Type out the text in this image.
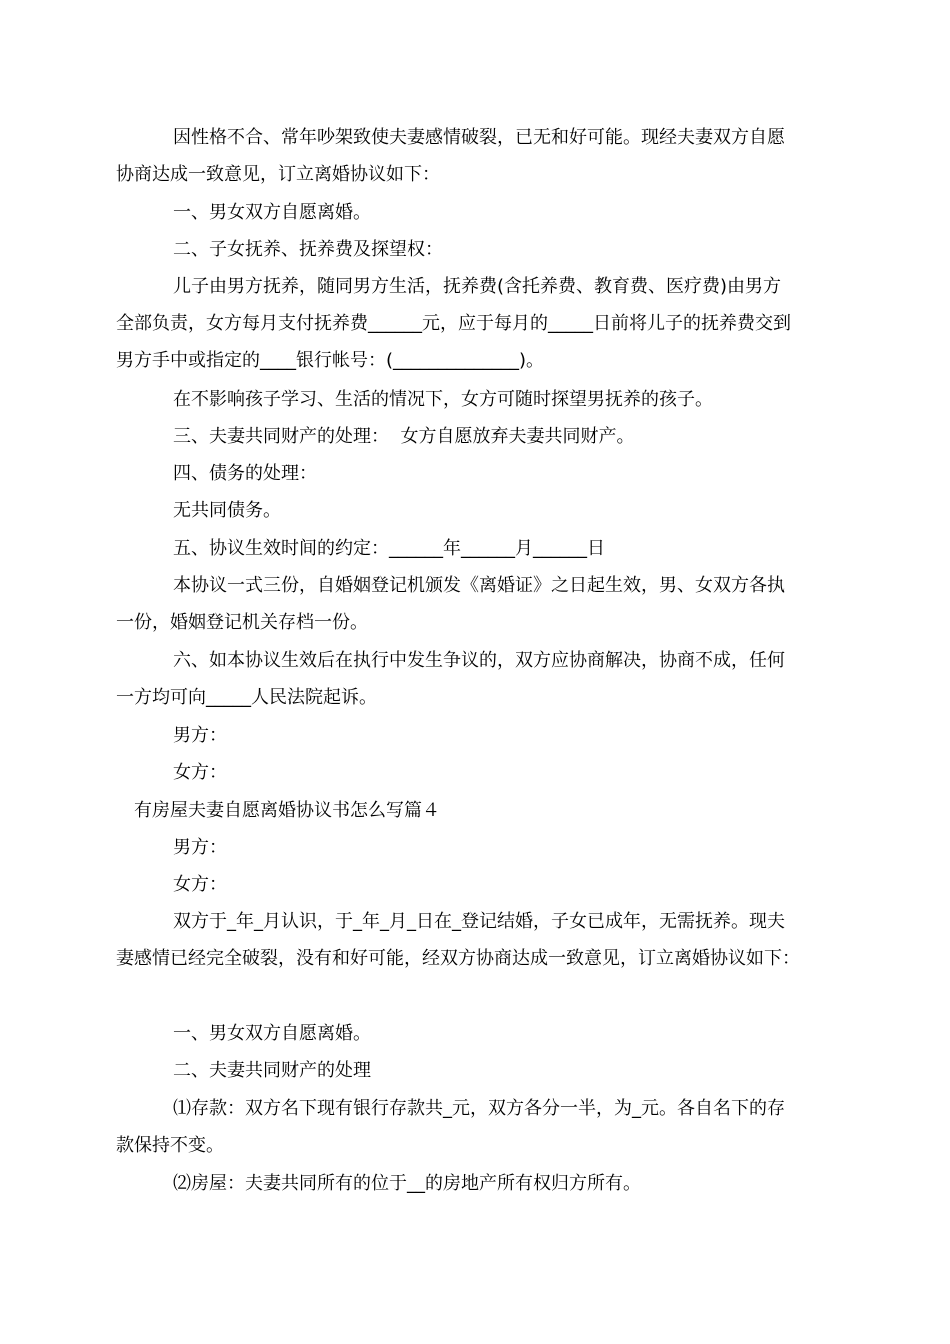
因性格不合、常年吵架致使夫妻感情破裂，已无和好可能。现经夫妻双方自愿
协商达成一致意见，订立离婚协议如下：

一、男女双方自愿离婚。

二、子女抚养、抚养费及探望权：

儿子由男方抚养，随同男方生活，抚养费(含托养费、教育费、医疗费)由男方
全部负责，女方每月支付抚养费______元，应于每月的_____日前将儿子的抚养费交到
男方手中或指定的____银行帐号：(______________)。

在不影响孩子学习、生活的情况下，女方可随时探望男抚养的孩子。

三、夫妻共同财产的处理：  女方自愿放弃夫妻共同财产。

四、债务的处理：

无共同债务。

五、协议生效时间的约定：______年______月______日

本协议一式三份，自婚姻登记机颁发《离婚证》之日起生效，男、女双方各执
一份，婚姻登记机关存档一份。

六、如本协议生效后在执行中发生争议的，双方应协商解决，协商不成，任何
一方均可向_____人民法院起诉。

男方：

女方：

有房屋夫妻自愿离婚协议书怎么写篇４

男方：

女方：

双方于_年_月认识，于_年_月_日在_登记结婚，子女已成年，无需抚养。现夫
妻感情已经完全破裂，没有和好可能，经双方协商达成一致意见，订立离婚协议如下：

一、男女双方自愿离婚。

二、夫妻共同财产的处理

⑴存款：双方名下现有银行存款共_元，双方各分一半，为_元。各自名下的存
款保持不变。

⑵房屋：夫妻共同所有的位于__的房地产所有权归方所有。
